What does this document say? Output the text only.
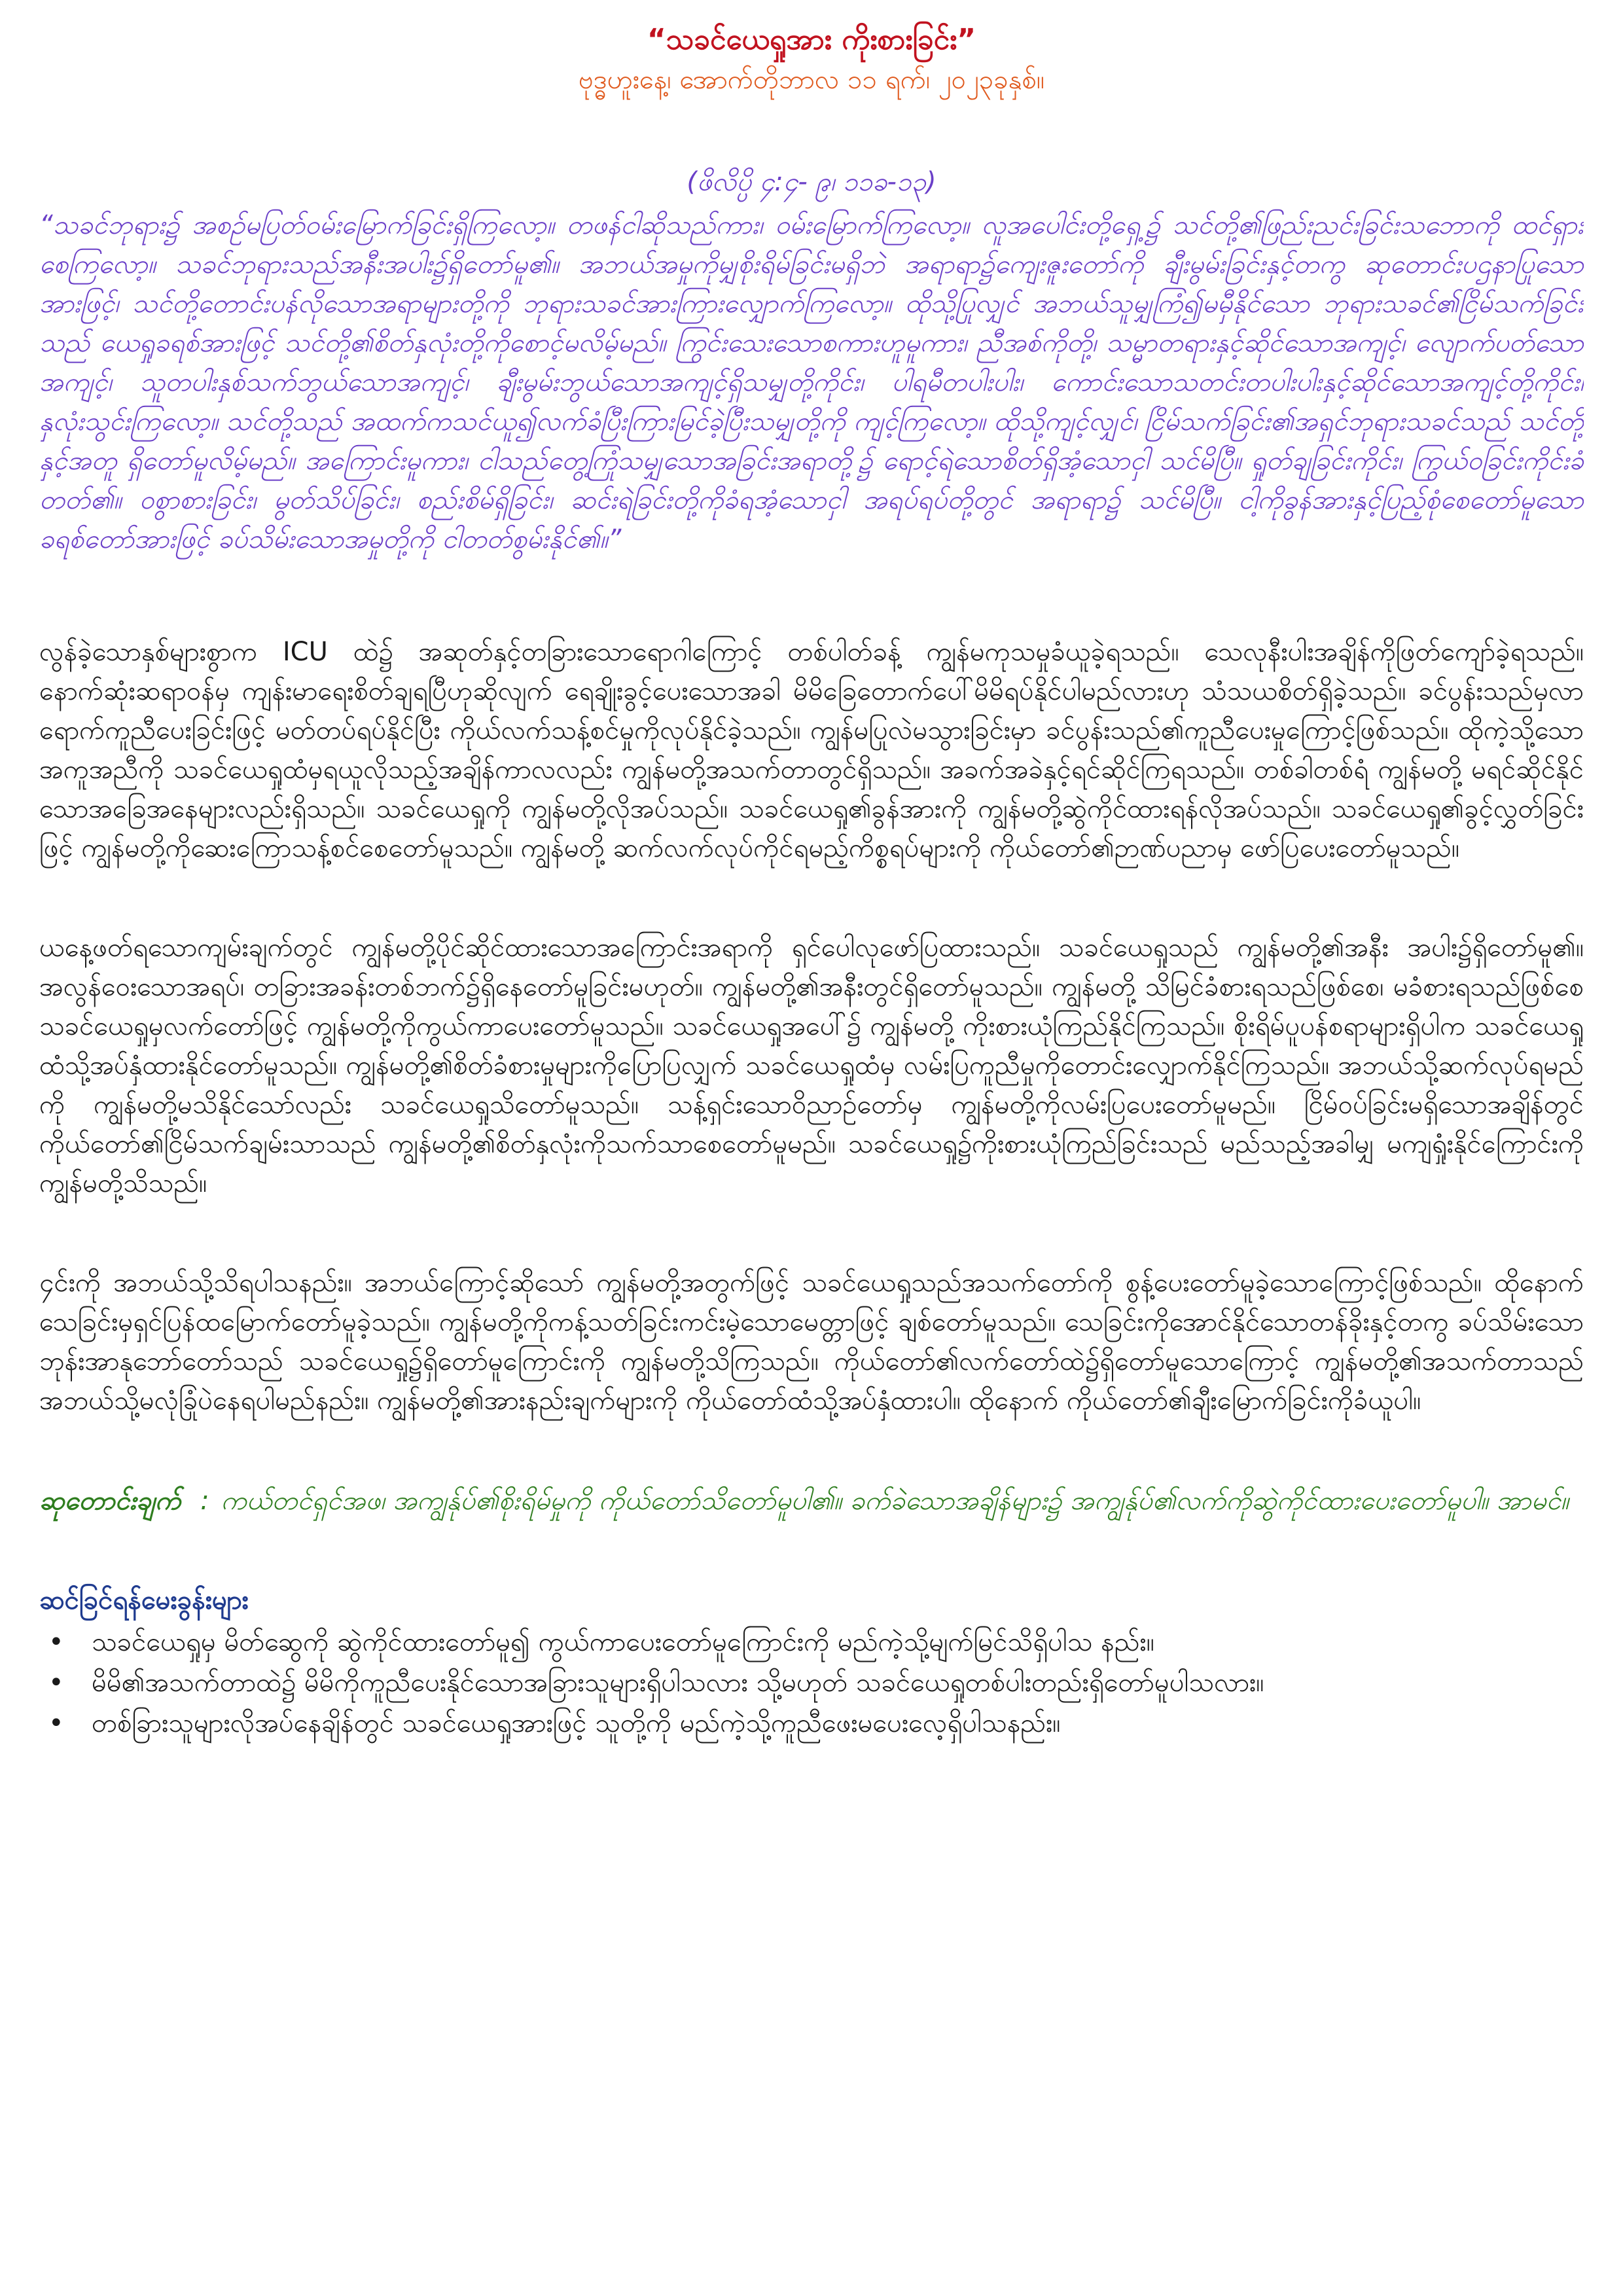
“သခင်ယေရှုအား ကိုးစားခြင်း”

ဗုဒ္ဓဟူးနေ့၊ အောက်တိုဘာလ ၁၁ ရက်၊ ၂၀၂၃ခုနှစ်။

(ဖိလိပ္ပိ ၄:၄- ၉၊ ၁၁ခ-၁၃)

“သခင်ဘုရား၌ အစဉ်မပြတ်ဝမ်းမြောက်ခြင်းရှိကြလော့။ တဖန်ငါဆိုသည်ကား၊ ဝမ်းမြောက်ကြလော့။ လူအပေါင်းတို့ရှေ့၌ သင်တို့၏ဖြည်းညင်းခြင်းသဘောကို ထင်ရှားစေကြလော့။ သခင်ဘုရားသည်အနီးအပါး၌ရှိတော်မူ၏။ အဘယ်အမှုကိုမျှစိုးရိမ်ခြင်းမရှိဘဲ အရာရာ၌ကျေးဇူးတော်ကို ချီးမွမ်းခြင်းနှင့်တကွ ဆုတောင်းပဌနာပြုသောအားဖြင့်၊ သင်တို့တောင်းပန်လိုသောအရာများတို့ကို ဘုရားသခင်အားကြားလျှောက်ကြလော့။ ထိုသို့ပြုလျှင် အဘယ်သူမျှကြံ၍မမှီနိုင်သော ဘုရားသခင်၏ငြိမ်သက်ခြင်းသည် ယေရှုခရစ်အားဖြင့် သင်တို့၏စိတ်နှလုံးတို့ကိုစောင့်မလိမ့်မည်။ ကြွင်းသေးသောစကားဟူမူကား၊ ညီအစ်ကိုတို့၊ သမ္မာတရားနှင့်ဆိုင်သောအကျင့်၊ လျောက်ပတ်သောအကျင့်၊ သူတပါးနှစ်သက်ဘွယ်သောအကျင့်၊ ချီးမွမ်းဘွယ်သောအကျင့်ရှိသမျှတို့ကိုင်း၊ ပါရမီတပါးပါး၊ ကောင်းသောသတင်းတပါးပါးနှင့်ဆိုင်သောအကျင့်တို့ကိုင်း၊ နှလုံးသွင်းကြလော့။ သင်တို့သည် အထက်ကသင်ယူ၍လက်ခံပြီးကြားမြင်ခဲ့ပြီးသမျှတို့ကို ကျင့်ကြလော့။ ထိုသို့ကျင့်လျှင်၊ ငြိမ်သက်ခြင်း၏အရှင်ဘုရားသခင်သည် သင်တို့နှင့်အတူ ရှိတော်မူလိမ့်မည်။ အကြောင်းမူကား၊ ငါသည်တွေ့ကြုံသမျှသောအခြင်းအရာတို့၌ ရောင့်ရဲသောစိတ်ရှိအံ့သောငှါ သင်မိပြီ။ ရှုတ်ချခြင်းကိုင်း၊ ကြွယ်ဝခြင်းကိုင်းခံတတ်၏။ ဝစွာစားခြင်း၊ မွတ်သိပ်ခြင်း၊ စည်းစိမ်ရှိခြင်း၊ ဆင်းရဲခြင်းတို့ကိုခံရအံ့သောငှါ အရပ်ရပ်တို့တွင် အရာရာ၌ သင်မိပြီ။ ငါ့ကိုခွန်အားနှင့်ပြည့်စုံစေတော်မူသော ခရစ်တော်အားဖြင့် ခပ်သိမ်းသောအမှုတို့ကို ငါတတ်စွမ်းနိုင်၏။”

လွန်ခဲ့သောနှစ်များစွာက ICU ထဲ၌ အဆုတ်နှင့်တခြားသောရောဂါကြောင့် တစ်ပါတ်ခန့် ကျွန်မကုသမှုခံယူခဲ့ရသည်။ သေလုနီးပါးအချိန်ကိုဖြတ်ကျော်ခဲ့ရသည်။ နောက်ဆုံးဆရာဝန်မှ ကျန်းမာရေးစိတ်ချရပြီဟုဆိုလျက် ရေချိုးခွင့်ပေးသောအခါ မိမိခြေတောက်ပေါ်မိမိရပ်နိုင်ပါမည်လားဟု သံသယစိတ်ရှိခဲ့သည်။ ခင်ပွန်းသည်မှလာရောက်ကူညီပေးခြင်းဖြင့် မတ်တပ်ရပ်နိုင်ပြီး ကိုယ်လက်သန့်စင်မှုကိုလုပ်နိုင်ခဲ့သည်။ ကျွန်မပြုလဲမသွားခြင်းမှာ ခင်ပွန်းသည်၏ကူညီပေးမှုကြောင့်ဖြစ်သည်။ ထိုကဲ့သို့သောအကူအညီကို သခင်ယေရှုထံမှရယူလိုသည့်အချိန်ကာလလည်း ကျွန်မတို့အသက်တာတွင်ရှိသည်။ အခက်အခဲနှင့်ရင်ဆိုင်ကြရသည်။ တစ်ခါတစ်ရံ ကျွန်မတို့ မရင်ဆိုင်နိုင်သောအခြေအနေများလည်းရှိသည်။ သခင်ယေရှုကို ကျွန်မတို့လိုအပ်သည်။ သခင်ယေရှု၏ခွန်အားကို ကျွန်မတို့ဆွဲကိုင်ထားရန်လိုအပ်သည်။ သခင်ယေရှု၏ခွင့်လွှတ်ခြင်းဖြင့် ကျွန်မတို့ကိုဆေးကြောသန့်စင်စေတော်မူသည်။ ကျွန်မတို့ ဆက်လက်လုပ်ကိုင်ရမည့်ကိစ္စရပ်များကို ကိုယ်တော်၏ဉာဏ်ပညာမှ ဖော်ပြပေးတော်မူသည်။

ယနေ့ဖတ်ရသောကျမ်းချက်တွင် ကျွန်မတို့ပိုင်ဆိုင်ထားသောအကြောင်းအရာကို ရှင်ပေါလုဖော်ပြထားသည်။ သခင်ယေရှုသည် ကျွန်မတို့၏အနီး အပါး၌ရှိတော်မူ၏။ အလွန်ဝေးသောအရပ်၊ တခြားအခန်းတစ်ဘက်၌ရှိနေတော်မူခြင်းမဟုတ်။ ကျွန်မတို့၏အနီးတွင်ရှိတော်မူသည်။ ကျွန်မတို့ သိမြင်ခံစားရသည်ဖြစ်စေ၊ မခံစားရသည်ဖြစ်စေ သခင်ယေရှုမှလက်တော်ဖြင့် ကျွန်မတို့ကိုကွယ်ကာပေးတော်မူသည်။ သခင်ယေရှုအပေါ်၌ ကျွန်မတို့ ကိုးစားယုံကြည်နိုင်ကြသည်။ စိုးရိမ်ပူပန်စရာများရှိပါက သခင်ယေရှုထံသို့အပ်နှံထားနိုင်တော်မူသည်။ ကျွန်မတို့၏စိတ်ခံစားမှုများကိုပြောပြလျှက် သခင်ယေရှုထံမှ လမ်းပြကူညီမှုကိုတောင်းလျှောက်နိုင်ကြသည်။ အဘယ်သို့ဆက်လုပ်ရမည်ကို ကျွန်မတို့မသိနိုင်သော်လည်း သခင်ယေရှုသိတော်မူသည်။ သန့်ရှင်းသောဝိညာဉ်တော်မှ ကျွန်မတို့ကိုလမ်းပြပေးတော်မူမည်။ ငြိမ်ဝပ်ခြင်းမရှိသောအချိန်တွင် ကိုယ်တော်၏ငြိမ်သက်ချမ်းသာသည် ကျွန်မတို့၏စိတ်နှလုံးကိုသက်သာစေတော်မူမည်။ သခင်ယေရှု၌ကိုးစားယုံကြည်ခြင်းသည် မည်သည့်အခါမျှ မကျရှုံးနိုင်ကြောင်းကို ကျွန်မတို့သိသည်။

၄င်းကို အဘယ်သို့သိရပါသနည်း။ အဘယ်ကြောင့်ဆိုသော် ကျွန်မတို့အတွက်ဖြင့် သခင်ယေရှုသည်အသက်တော်ကို စွန့်ပေးတော်မူခဲ့သောကြောင့်ဖြစ်သည်။ ထိုနောက် သေခြင်းမှရှင်ပြန်ထမြောက်တော်မူခဲ့သည်။ ကျွန်မတို့ကိုကန့်သတ်ခြင်းကင်းမဲ့သောမေတ္တာဖြင့် ချစ်တော်မူသည်။ သေခြင်းကိုအောင်နိုင်သောတန်ခိုးနှင့်တကွ ခပ်သိမ်းသောဘုန်းအာနုဘော်တော်သည် သခင်ယေရှု၌ရှိတော်မူကြောင်းကို ကျွန်မတို့သိကြသည်။ ကိုယ်တော်၏လက်တော်ထဲ၌ရှိတော်မူသောကြောင့် ကျွန်မတို့၏အသက်တာသည် အဘယ်သို့မလုံခြုံပဲနေရပါမည်နည်း။ ကျွန်မတို့၏အားနည်းချက်များကို ကိုယ်တော်ထံသို့အပ်နှံထားပါ။ ထိုနောက် ကိုယ်တော်၏ချီးမြောက်ခြင်းကိုခံယူပါ။

ဆုတောင်းချက် : ကယ်တင်ရှင်အဖ၊ အကျွန်ုပ်၏စိုးရိမ်မှုကို ကိုယ်တော်သိတော်မူပါ၏။ ခက်ခဲသောအချိန်များ၌ အကျွန်ုပ်၏လက်ကိုဆွဲကိုင်ထားပေးတော်မူပါ။ အာမင်။

ဆင်ခြင်ရန်မေးခွန်းများ

• သခင်ယေရှုမှ မိတ်ဆွေကို ဆွဲကိုင်ထားတော်မူ၍ ကွယ်ကာပေးတော်မူကြောင်းကို မည်ကဲ့သို့မျက်မြင်သိရှိပါသ နည်း။
• မိမိ၏အသက်တာထဲ၌ မိမိကိုကူညီပေးနိုင်သောအခြားသူများရှိပါသလား သို့မဟုတ် သခင်ယေရှုတစ်ပါးတည်းရှိတော်မူပါသလား။
• တစ်ခြားသူများလိုအပ်နေချိန်တွင် သခင်ယေရှုအားဖြင့် သူတို့ကို မည်ကဲ့သို့ကူညီဖေးမပေးလေ့ရှိပါသနည်း။
